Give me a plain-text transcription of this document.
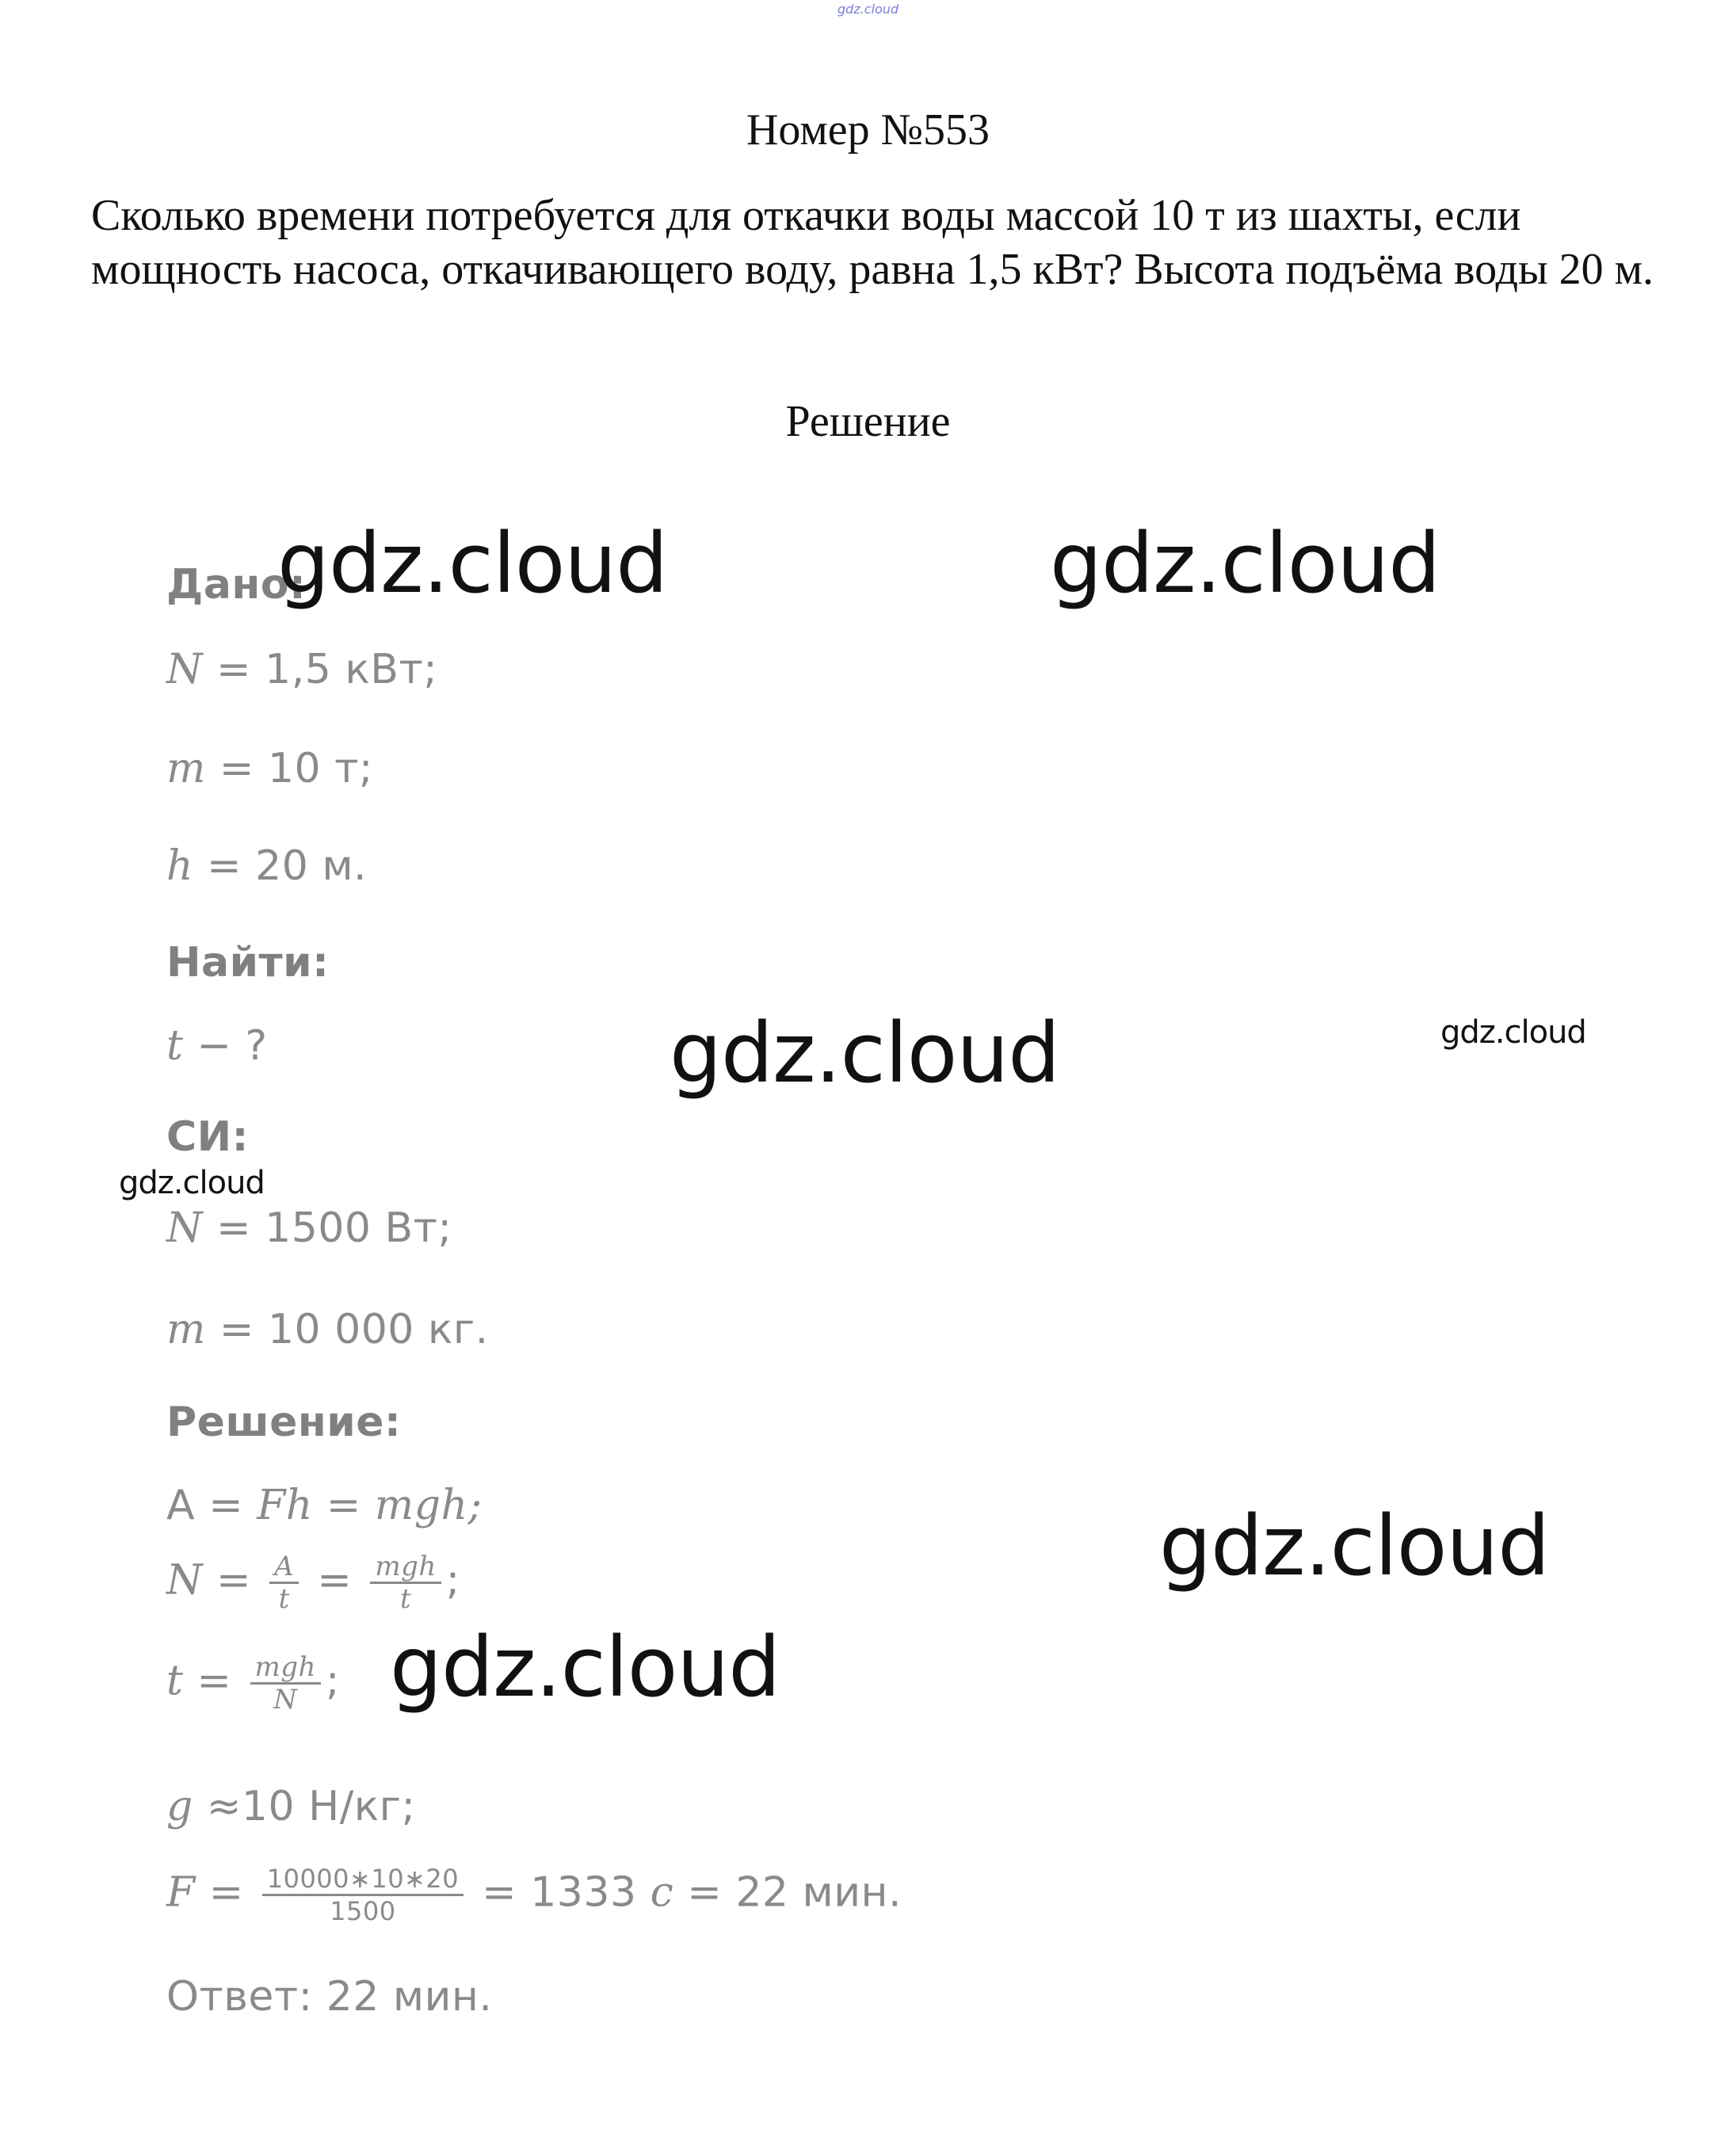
gdz.cloud
Номер №553
Сколько времени потребуется для откачки воды массой 10 т из шахты, если мощность насоса, откачивающего воду, равна 1,5 кВт? Высота подъёма воды 20 м.
Решение
Дано:
N = 1,5 кВт;
m = 10 т;
h = 20 м.
Найти:
t − ?
СИ:
N = 1500 Вт;
m = 10 000 кг.
Решение:
А = Fh = mgh;
$N = \frac{A}{t} = \frac{\text{mgh}}{t}$ ;
$t = \frac{\text{mgh}}{N}$ ;
g ≈10 Н/кг;
$F = \frac{10000∗10∗20}{1500} = 1333$ c = 22 мин.
Ответ: 22 мин.
gdz.cloud	gdz.cloud
gdz.cloud	gdz.cloud
gdz.cloud
gdz.cloud
gdz.cloud
